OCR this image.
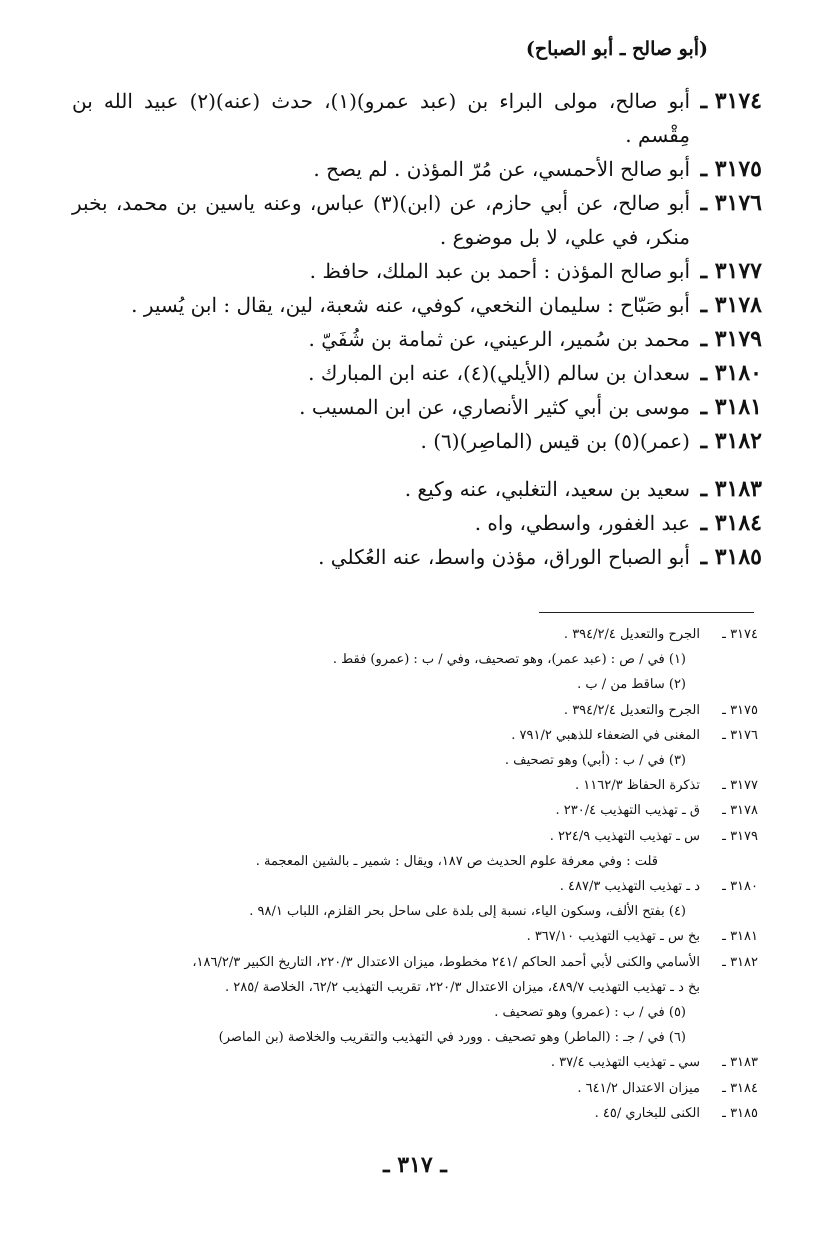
(أبو صالح ـ أبو الصباح)
٣١٧٤ ـ
أبو صالح، مولى البراء بن (عبد عمرو)(١)، حدث (عنه)(٢) عبيد الله بن مِقْسم .
٣١٧٥ ـ
أبو صالح الأحمسي، عن مُرّ المؤذن . لم يصح .
٣١٧٦ ـ
أبو صالح، عن أبي حازم، عن (ابن)(٣) عباس، وعنه ياسين بن محمد، بخبر منكر، في علي، لا بل موضوع .
٣١٧٧ ـ
أبو صالح المؤذن : أحمد بن عبد الملك، حافظ .
٣١٧٨ ـ
أبو صَبّاح : سليمان النخعي، كوفي، عنه شعبة، لين، يقال : ابن يُسير .
٣١٧٩ ـ
محمد بن سُمير، الرعيني، عن ثمامة بن شُفَيّ .
٣١٨٠ ـ
سعدان بن سالم (الأيلي)(٤)، عنه ابن المبارك .
٣١٨١ ـ
موسى بن أبي كثير الأنصاري، عن ابن المسيب .
٣١٨٢ ـ
(عمر)(٥) بن قيس (الماصِر)(٦) .
٣١٨٣ ـ
سعيد بن سعيد، التغلبي، عنه وكيع .
٣١٨٤ ـ
عبد الغفور، واسطي، واه .
٣١٨٥ ـ
أبو الصباح الوراق، مؤذن واسط، عنه العُكلي .
٣١٧٤ ـ
الجرح والتعديل ٣٩٤/٢/٤ .
(١) في / ص : (عبد عمر)، وهو تصحيف، وفي / ب : (عمرو) فقط .
(٢) ساقط من / ب .
٣١٧٥ ـ
الجرح والتعديل ٣٩٤/٢/٤ .
٣١٧٦ ـ
المغنى في الضعفاء للذهبي ٧٩١/٢ .
(٣) في / ب : (أبي) وهو تصحيف .
٣١٧٧ ـ
تذكرة الحفاظ ١١٦٢/٣ .
٣١٧٨ ـ
ق ـ تهذيب التهذيب ٢٣٠/٤ .
٣١٧٩ ـ
س ـ تهذيب التهذيب ٢٢٤/٩ .
قلت : وفي معرفة علوم الحديث ص ١٨٧، ويقال : شمير ـ بالشين المعجمة .
٣١٨٠ ـ
د ـ تهذيب التهذيب ٤٨٧/٣ .
(٤) بفتح الألف، وسكون الياء، نسبة إلى بلدة على ساحل بحر القلزم، اللباب ٩٨/١ .
٣١٨١ ـ
بخ س ـ تهذيب التهذيب ٣٦٧/١٠ .
٣١٨٢ ـ
الأسامي والكنى لأبي أحمد الحاكم /٢٤١ مخطوط، ميزان الاعتدال ٢٢٠/٣، التاريخ الكبير ١٨٦/٢/٣،
بخ د ـ تهذيب التهذيب ٤٨٩/٧، ميزان الاعتدال ٢٢٠/٣، تقريب التهذيب ٦٢/٢، الخلاصة /٢٨٥ .
(٥) في / ب : (عمرو) وهو تصحيف .
(٦) في / جـ : (الماطر) وهو تصحيف . وورد في التهذيب والتقريب والخلاصة (بن الماصر)
٣١٨٣ ـ
سي ـ تهذيب التهذيب ٣٧/٤ .
٣١٨٤ ـ
ميزان الاعتدال ٦٤١/٢ .
٣١٨٥ ـ
الكنى للبخاري /٤٥ .
ـ ٣١٧ ـ
